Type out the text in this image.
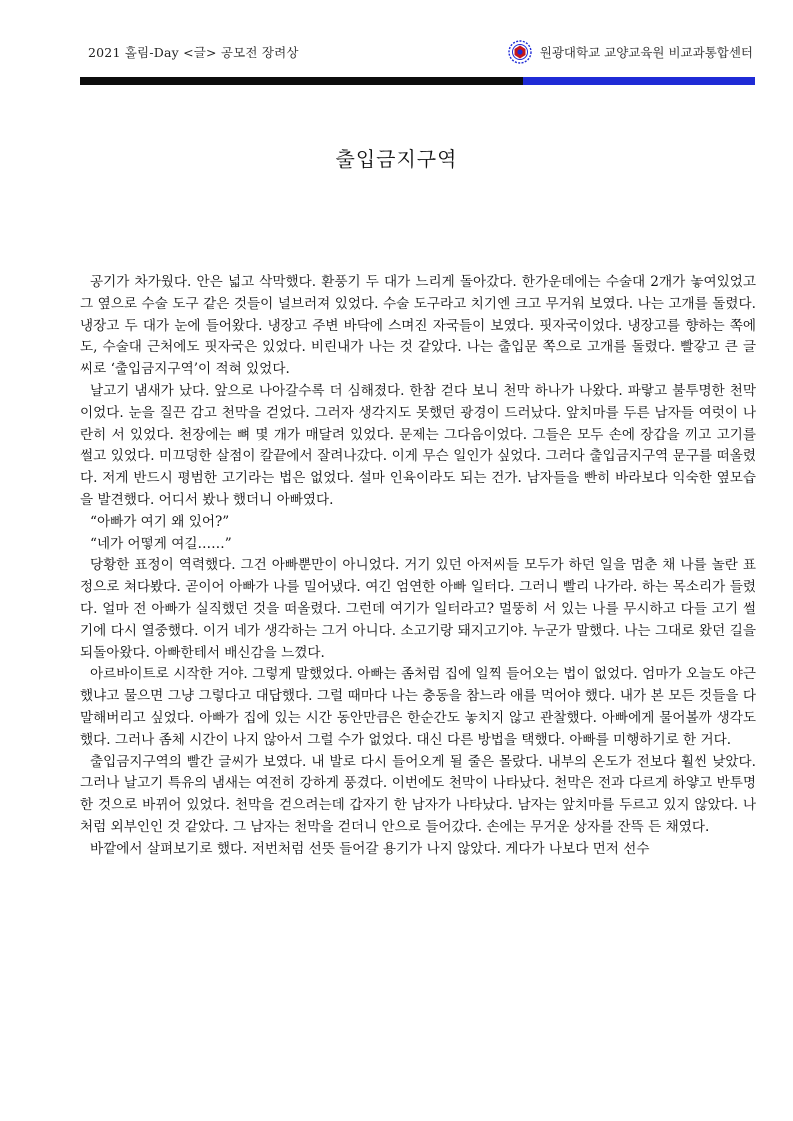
2021 홀림-Day <글> 공모전 장려상	원광대학교 교양교육원 비교과통합센터
출입금지구역

공기가 차가웠다. 안은 넓고 삭막했다. 환풍기 두 대가 느리게 돌아갔다. 한가운데에는 수술대 2개가 놓여있었고 그 옆으로 수술 도구 같은 것들이 널브러져 있었다. 수술 도구라고 치기엔 크고 무거워 보였다. 나는 고개를 돌렸다. 냉장고 두 대가 눈에 들어왔다. 냉장고 주변 바닥에 스며진 자국들이 보였다. 핏자국이었다. 냉장고를 향하는 쪽에도, 수술대 근처에도 핏자국은 있었다. 비린내가 나는 것 같았다. 나는 출입문 쪽으로 고개를 돌렸다. 빨갛고 큰 글씨로 ‘출입금지구역’이 적혀 있었다.

날고기 냄새가 났다. 앞으로 나아갈수록 더 심해졌다. 한참 걷다 보니 천막 하나가 나왔다. 파랗고 불투명한 천막이었다. 눈을 질끈 감고 천막을 걷었다. 그러자 생각지도 못했던 광경이 드러났다. 앞치마를 두른 남자들 여럿이 나란히 서 있었다. 천장에는 뼈 몇 개가 매달려 있었다. 문제는 그다음이었다. 그들은 모두 손에 장갑을 끼고 고기를 썰고 있었다. 미끄덩한 살점이 칼끝에서 잘려나갔다. 이게 무슨 일인가 싶었다. 그러다 출입금지구역 문구를 떠올렸다. 저게 반드시 평범한 고기라는 법은 없었다. 설마 인육이라도 되는 건가. 남자들을 빤히 바라보다 익숙한 옆모습을 발견했다. 어디서 봤나 했더니 아빠였다.

“아빠가 여기 왜 있어?”

“네가 어떻게 여길……”

당황한 표정이 역력했다. 그건 아빠뿐만이 아니었다. 거기 있던 아저씨들 모두가 하던 일을 멈춘 채 나를 놀란 표정으로 쳐다봤다. 곧이어 아빠가 나를 밀어냈다. 여긴 엄연한 아빠 일터다. 그러니 빨리 나가라. 하는 목소리가 들렸다. 얼마 전 아빠가 실직했던 것을 떠올렸다. 그런데 여기가 일터라고? 멀뚱히 서 있는 나를 무시하고 다들 고기 썰기에 다시 열중했다. 이거 네가 생각하는 그거 아니다. 소고기랑 돼지고기야. 누군가 말했다. 나는 그대로 왔던 길을 되돌아왔다. 아빠한테서 배신감을 느꼈다.

아르바이트로 시작한 거야. 그렇게 말했었다. 아빠는 좀처럼 집에 일찍 들어오는 법이 없었다. 엄마가 오늘도 야근했냐고 물으면 그냥 그렇다고 대답했다. 그럴 때마다 나는 충동을 참느라 애를 먹어야 했다. 내가 본 모든 것들을 다 말해버리고 싶었다. 아빠가 집에 있는 시간 동안만큼은 한순간도 놓치지 않고 관찰했다. 아빠에게 물어볼까 생각도 했다. 그러나 좀체 시간이 나지 않아서 그럴 수가 없었다. 대신 다른 방법을 택했다. 아빠를 미행하기로 한 거다.

출입금지구역의 빨간 글씨가 보였다. 내 발로 다시 들어오게 될 줄은 몰랐다. 내부의 온도가 전보다 훨씬 낮았다. 그러나 날고기 특유의 냄새는 여전히 강하게 풍겼다. 이번에도 천막이 나타났다. 천막은 전과 다르게 하얗고 반투명한 것으로 바뀌어 있었다. 천막을 걷으려는데 갑자기 한 남자가 나타났다. 남자는 앞치마를 두르고 있지 않았다. 나처럼 외부인인 것 같았다. 그 남자는 천막을 걷더니 안으로 들어갔다. 손에는 무거운 상자를 잔뜩 든 채였다.

바깥에서 살펴보기로 했다. 저번처럼 선뜻 들어갈 용기가 나지 않았다. 게다가 나보다 먼저 선수
